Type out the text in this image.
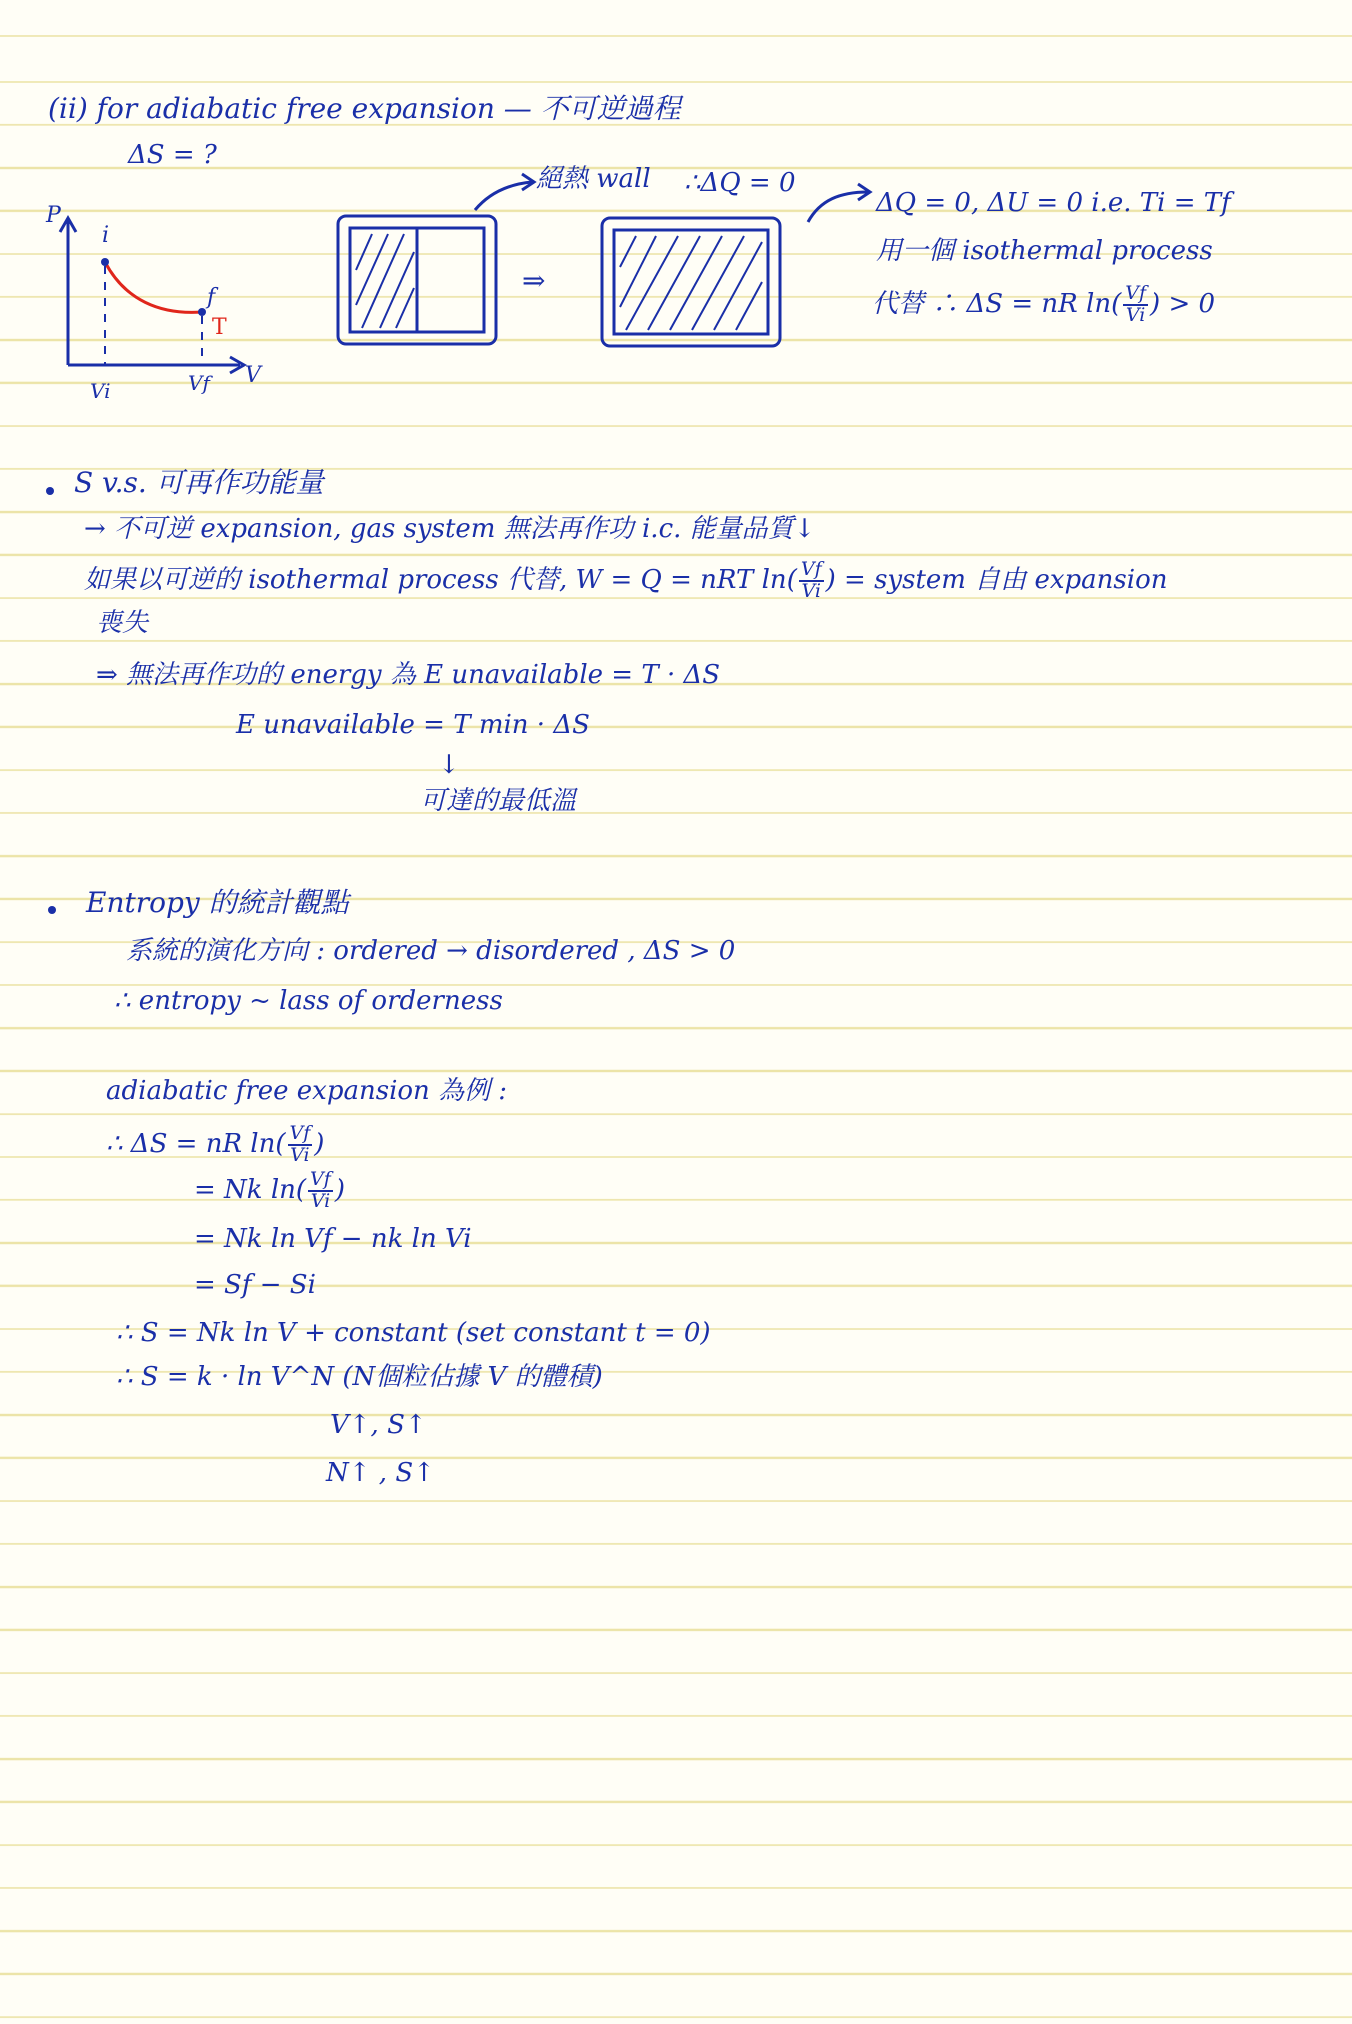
(ii) for adiabatic free expansion — 不可逆過程
ΔS = ?
P
V
i
f
T
Vi	Vf
⇒
絕熱 wall ∴ΔQ = 0
ΔQ = 0, ΔU = 0 i.e. Ti = Tf
用一個 isothermal process
代替 ∴ ΔS = nR $\ln( \frac{Vf}{Vi}$ ) > 0
S v.s. 可再作功能量
→ 不可逆 expansion, gas system 無法再作功 i.c. 能量品質↓
如果以可逆的 isothermal process 代替, W = Q = nRT $\ln( \frac{Vf}{Vi}$ ) = system 自由 expansion
喪失
⇒ 無法再作功的 energy 為 E unavailable = T · ΔS
E unavailable = T min · ΔS
↓
可達的最低溫
Entropy 的統計觀點
系統的演化方向 : ordered → disordered , ΔS > 0
∴ entropy ~ lass of orderness
adiabatic free expansion 為例 :
∴ ΔS = nR $\ln( \frac{Vf}{Vi}$ )
= Nk $\ln( \frac{Vf}{Vi}$ )
= Nk ln Vf − nk ln Vi
= Sf − Si
∴ S = Nk ln V + constant (set constant t = 0)
∴ S = k · ln V^N (N個粒佔據 V 的體積)
V↑, S↑
N↑ , S↑
